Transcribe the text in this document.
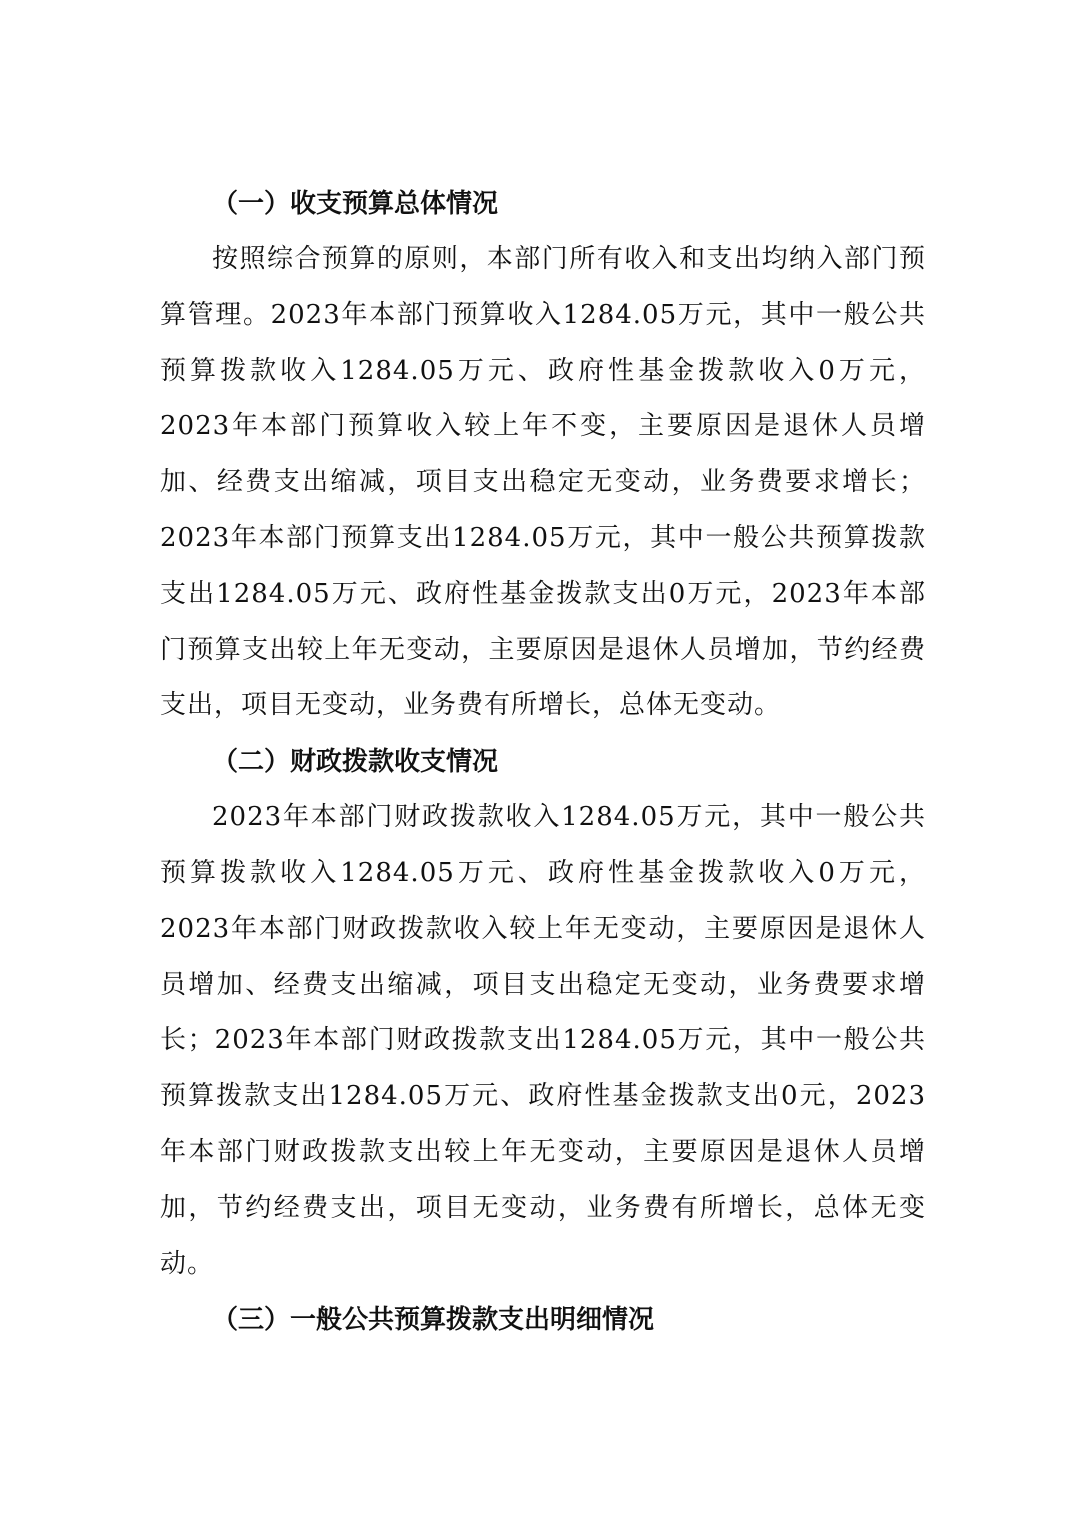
（一）收支预算总体情况

按照综合预算的原则，本部门所有收入和支出均纳入部门预算管理。2023年本部门预算收入1284.05万元，其中一般公共预算拨款收入1284.05万元、政府性基金拨款收入0万元，2023年本部门预算收入较上年不变，主要原因是退休人员增加、经费支出缩减，项目支出稳定无变动，业务费要求增长；2023年本部门预算支出1284.05万元，其中一般公共预算拨款支出1284.05万元、政府性基金拨款支出0万元，2023年本部门预算支出较上年无变动，主要原因是退休人员增加，节约经费支出，项目无变动，业务费有所增长，总体无变动。

（二）财政拨款收支情况

2023年本部门财政拨款收入1284.05万元，其中一般公共预算拨款收入1284.05万元、政府性基金拨款收入0万元，2023年本部门财政拨款收入较上年无变动，主要原因是退休人员增加、经费支出缩减，项目支出稳定无变动，业务费要求增长；2023年本部门财政拨款支出1284.05万元，其中一般公共预算拨款支出1284.05万元、政府性基金拨款支出0元，2023年本部门财政拨款支出较上年无变动，主要原因是退休人员增加，节约经费支出，项目无变动，业务费有所增长，总体无变动。

（三）一般公共预算拨款支出明细情况
